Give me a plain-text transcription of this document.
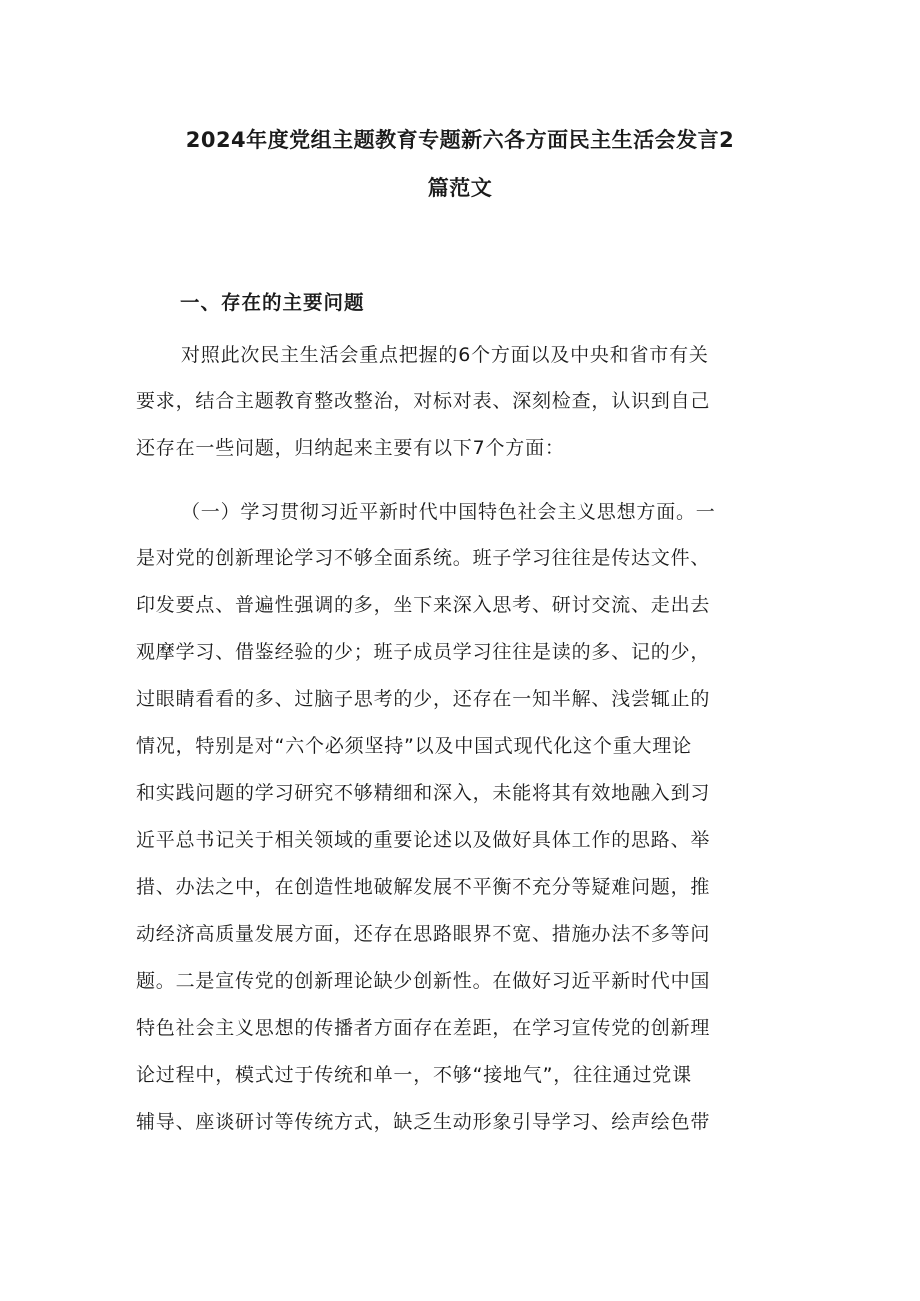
2024年度党组主题教育专题新六各方面民主生活会发言2
篇范文
一、存在的主要问题
对照此次民主生活会重点把握的6个方面以及中央和省市有关
要求，结合主题教育整改整治，对标对表、深刻检查，认识到自己
还存在一些问题，归纳起来主要有以下7个方面：
（一）学习贯彻习近平新时代中国特色社会主义思想方面。一
是对党的创新理论学习不够全面系统。班子学习往往是传达文件、
印发要点、普遍性强调的多，坐下来深入思考、研讨交流、走出去
观摩学习、借鉴经验的少；班子成员学习往往是读的多、记的少，
过眼睛看看的多、过脑子思考的少，还存在一知半解、浅尝辄止的
情况，特别是对“六个必须坚持”以及中国式现代化这个重大理论
和实践问题的学习研究不够精细和深入，未能将其有效地融入到习
近平总书记关于相关领域的重要论述以及做好具体工作的思路、举
措、办法之中，在创造性地破解发展不平衡不充分等疑难问题，推
动经济高质量发展方面，还存在思路眼界不宽、措施办法不多等问
题。二是宣传党的创新理论缺少创新性。在做好习近平新时代中国
特色社会主义思想的传播者方面存在差距，在学习宣传党的创新理
论过程中，模式过于传统和单一，不够“接地气”，往往通过党课
辅导、座谈研讨等传统方式，缺乏生动形象引导学习、绘声绘色带
